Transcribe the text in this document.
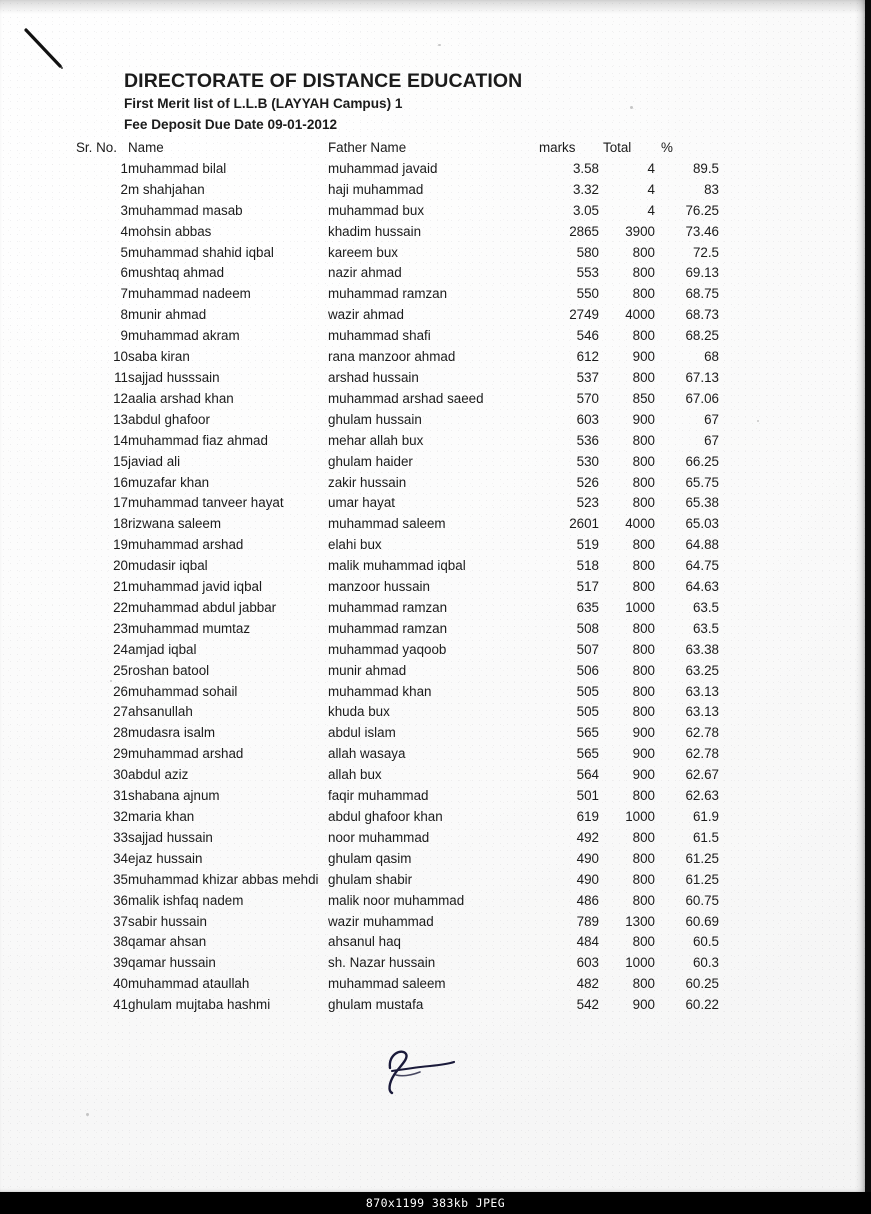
DIRECTORATE OF DISTANCE EDUCATION
First Merit list of L.L.B (LAYYAH Campus) 1
Fee Deposit Due Date 09-01-2012
Sr. No.	Name	Father Name	marks	Total	%
1	muhammad bilal	muhammad javaid	3.58	4	89.5
2	m shahjahan	haji muhammad	3.32	4	83
3	muhammad masab	muhammad bux	3.05	4	76.25
4	mohsin abbas	khadim hussain	2865	3900	73.46
5	muhammad shahid iqbal	kareem bux	580	800	72.5
6	mushtaq ahmad	nazir ahmad	553	800	69.13
7	muhammad nadeem	muhammad ramzan	550	800	68.75
8	munir ahmad	wazir ahmad	2749	4000	68.73
9	muhammad akram	muhammad shafi	546	800	68.25
10	saba kiran	rana manzoor ahmad	612	900	68
11	sajjad husssain	arshad hussain	537	800	67.13
12	aalia arshad khan	muhammad arshad saeed	570	850	67.06
13	abdul ghafoor	ghulam hussain	603	900	67
14	muhammad fiaz ahmad	mehar allah bux	536	800	67
15	javiad ali	ghulam haider	530	800	66.25
16	muzafar khan	zakir hussain	526	800	65.75
17	muhammad tanveer hayat	umar hayat	523	800	65.38
18	rizwana saleem	muhammad saleem	2601	4000	65.03
19	muhammad arshad	elahi bux	519	800	64.88
20	mudasir iqbal	malik muhammad iqbal	518	800	64.75
21	muhammad javid iqbal	manzoor hussain	517	800	64.63
22	muhammad abdul jabbar	muhammad ramzan	635	1000	63.5
23	muhammad mumtaz	muhammad ramzan	508	800	63.5
24	amjad iqbal	muhammad yaqoob	507	800	63.38
25	roshan batool	munir ahmad	506	800	63.25
26	muhammad sohail	muhammad khan	505	800	63.13
27	ahsanullah	khuda bux	505	800	63.13
28	mudasra isalm	abdul islam	565	900	62.78
29	muhammad arshad	allah wasaya	565	900	62.78
30	abdul aziz	allah bux	564	900	62.67
31	shabana ajnum	faqir muhammad	501	800	62.63
32	maria khan	abdul ghafoor khan	619	1000	61.9
33	sajjad hussain	noor muhammad	492	800	61.5
34	ejaz hussain	ghulam qasim	490	800	61.25
35	muhammad khizar abbas mehdi	ghulam shabir	490	800	61.25
36	malik ishfaq nadem	malik noor muhammad	486	800	60.75
37	sabir hussain	wazir muhammad	789	1300	60.69
38	qamar ahsan	ahsanul haq	484	800	60.5
39	qamar hussain	sh. Nazar hussain	603	1000	60.3
40	muhammad ataullah	muhammad saleem	482	800	60.25
41	ghulam mujtaba hashmi	ghulam mustafa	542	900	60.22
870x1199 383kb JPEG
